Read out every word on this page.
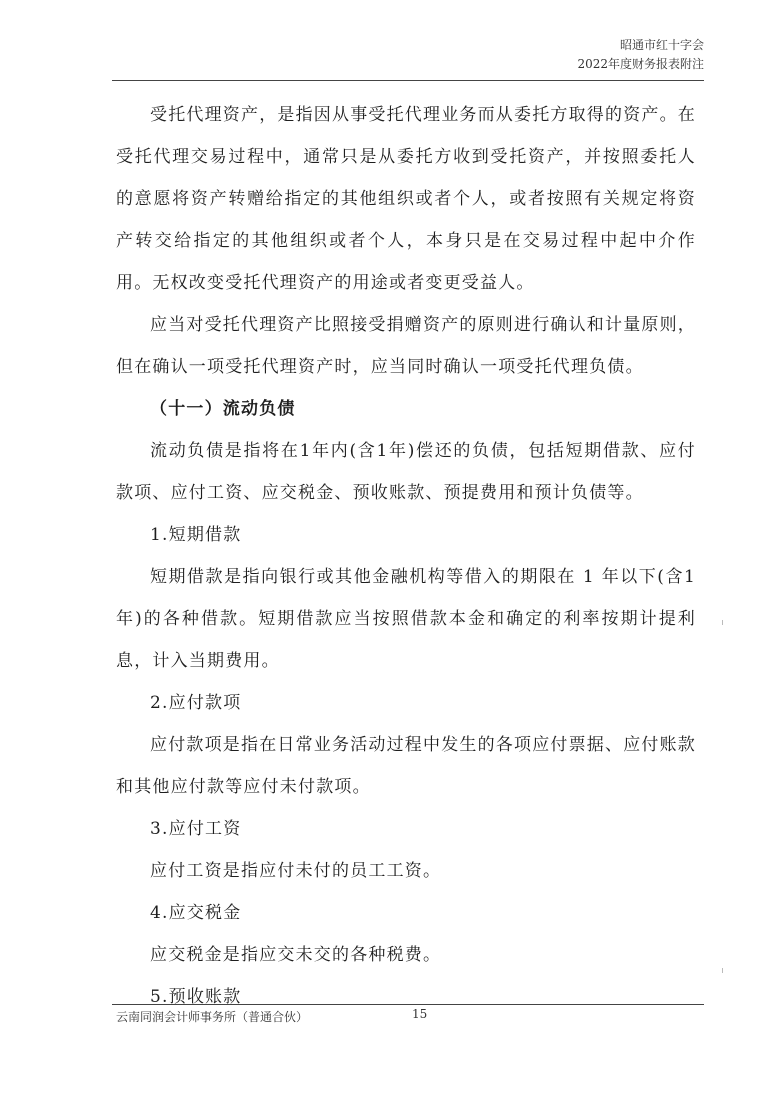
昭通市红十字会
2022年度财务报表附注

受托代理资产，是指因从事受托代理业务而从委托方取得的资产。在受托代理交易过程中，通常只是从委托方收到受托资产，并按照委托人的意愿将资产转赠给指定的其他组织或者个人，或者按照有关规定将资产转交给指定的其他组织或者个人，本身只是在交易过程中起中介作用。无权改变受托代理资产的用途或者变更受益人。

应当对受托代理资产比照接受捐赠资产的原则进行确认和计量原则，但在确认一项受托代理资产时，应当同时确认一项受托代理负债。

（十一）流动负债

流动负债是指将在1年内(含1年)偿还的负债，包括短期借款、应付款项、应付工资、应交税金、预收账款、预提费用和预计负债等。

1.短期借款

短期借款是指向银行或其他金融机构等借入的期限在 1 年以下(含1年)的各种借款。短期借款应当按照借款本金和确定的利率按期计提利息，计入当期费用。

2.应付款项

应付款项是指在日常业务活动过程中发生的各项应付票据、应付账款和其他应付款等应付未付款项。

3.应付工资

应付工资是指应付未付的员工工资。

4.应交税金

应交税金是指应交未交的各种税费。

5.预收账款

云南同润会计师事务所（普通合伙）	15
